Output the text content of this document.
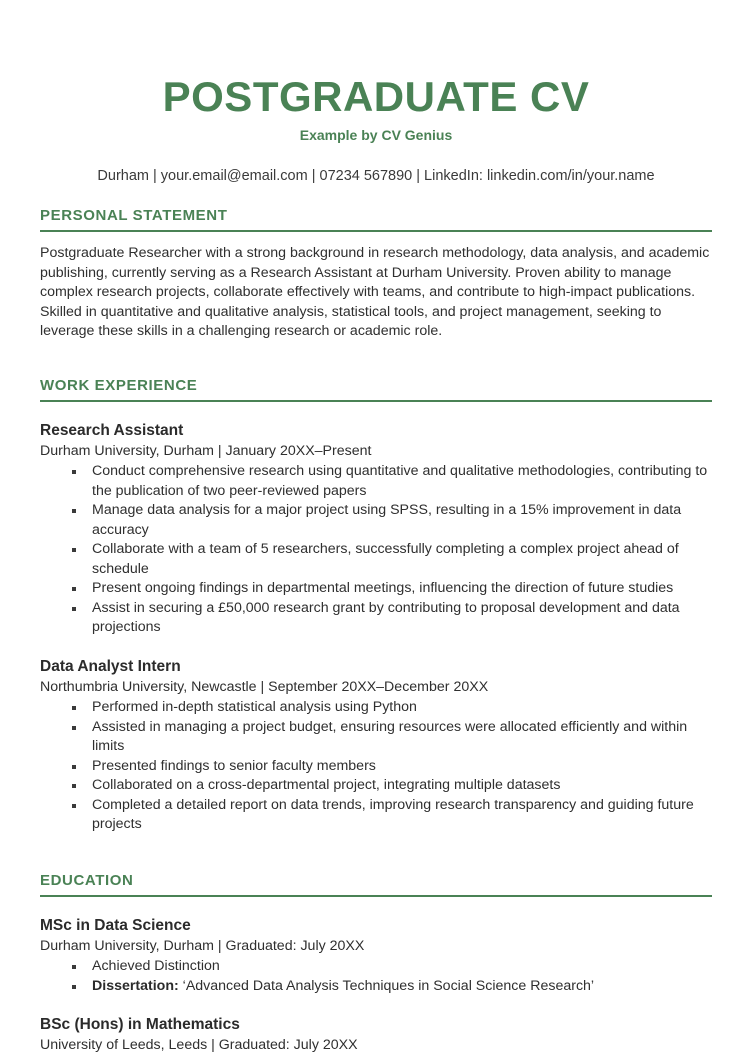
POSTGRADUATE CV
Example by CV Genius
Durham | your.email@email.com | 07234 567890 | LinkedIn: linkedin.com/in/your.name
PERSONAL STATEMENT

Postgraduate Researcher with a strong background in research methodology, data analysis, and academic publishing, currently serving as a Research Assistant at Durham University. Proven ability to manage complex research projects, collaborate effectively with teams, and contribute to high-impact publications. Skilled in quantitative and qualitative analysis, statistical tools, and project management, seeking to leverage these skills in a challenging research or academic role.

WORK EXPERIENCE
Research Assistant
Durham University, Durham | January 20XX–Present
Conduct comprehensive research using quantitative and qualitative methodologies, contributing to the publication of two peer-reviewed papers
Manage data analysis for a major project using SPSS, resulting in a 15% improvement in data accuracy
Collaborate with a team of 5 researchers, successfully completing a complex project ahead of schedule
Present ongoing findings in departmental meetings, influencing the direction of future studies
Assist in securing a £50,000 research grant by contributing to proposal development and data projections
Data Analyst Intern
Northumbria University, Newcastle | September 20XX–December 20XX
Performed in-depth statistical analysis using Python
Assisted in managing a project budget, ensuring resources were allocated efficiently and within limits
Presented findings to senior faculty members
Collaborated on a cross-departmental project, integrating multiple datasets
Completed a detailed report on data trends, improving research transparency and guiding future projects
EDUCATION
MSc in Data Science
Durham University, Durham | Graduated: July 20XX
Achieved Distinction
Dissertation: ‘Advanced Data Analysis Techniques in Social Science Research’
BSc (Hons) in Mathematics
University of Leeds, Leeds | Graduated: July 20XX
